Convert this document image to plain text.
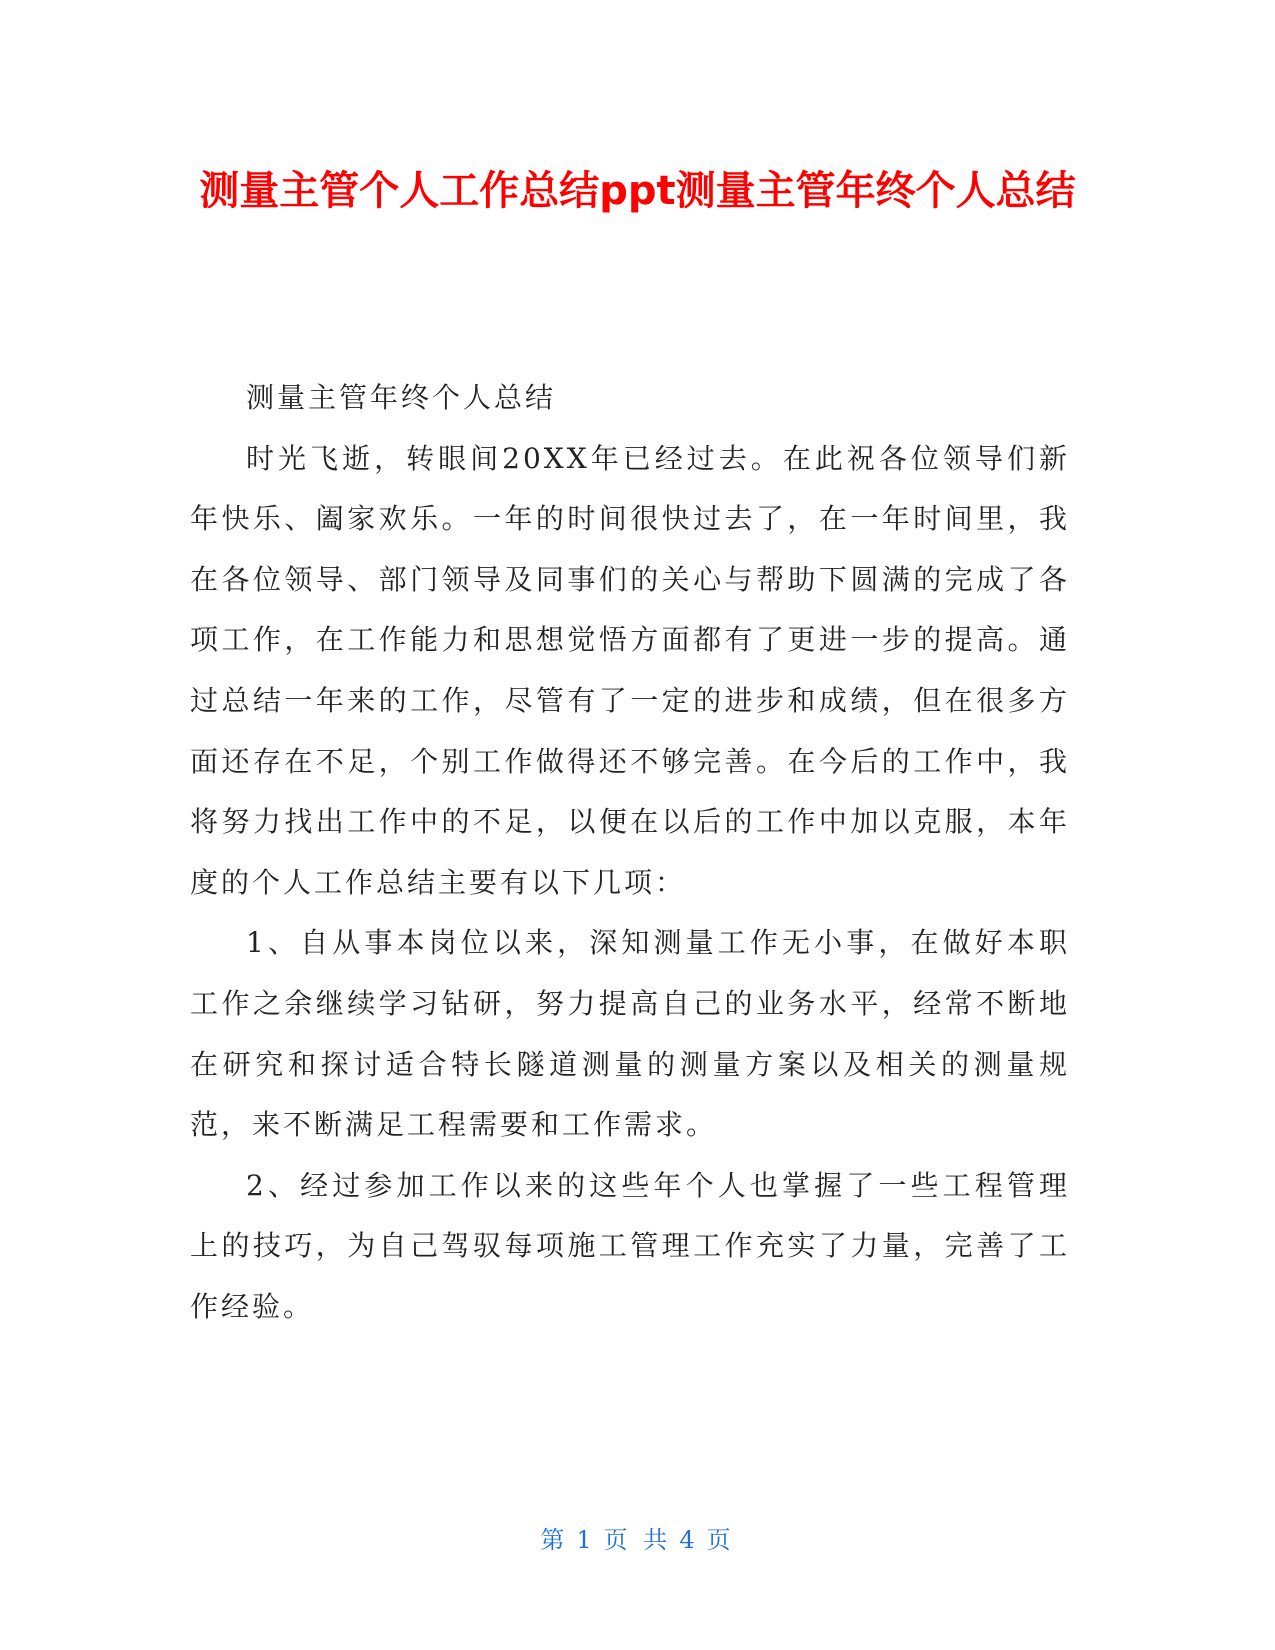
测量主管个人工作总结ppt测量主管年终个人总结

测量主管年终个人总结

时光飞逝，转眼间20XX年已经过去。在此祝各位领导们新年快乐、阖家欢乐。一年的时间很快过去了，在一年时间里，我在各位领导、部门领导及同事们的关心与帮助下圆满的完成了各项工作，在工作能力和思想觉悟方面都有了更进一步的提高。通过总结一年来的工作，尽管有了一定的进步和成绩，但在很多方面还存在不足，个别工作做得还不够完善。在今后的工作中，我将努力找出工作中的不足，以便在以后的工作中加以克服，本年度的个人工作总结主要有以下几项：

1、自从事本岗位以来，深知测量工作无小事，在做好本职工作之余继续学习钻研，努力提高自己的业务水平，经常不断地在研究和探讨适合特长隧道测量的测量方案以及相关的测量规范，来不断满足工程需要和工作需求。

2、经过参加工作以来的这些年个人也掌握了一些工程管理上的技巧，为自己驾驭每项施工管理工作充实了力量，完善了工作经验。

第 1 页 共 4 页
